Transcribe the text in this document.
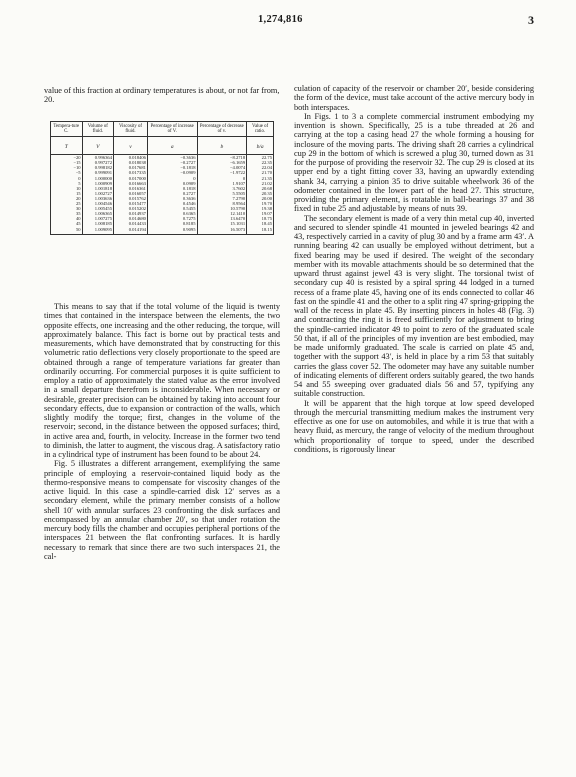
1,274,816	3
value of this fraction at ordinary temperatures is about, or not far from, 20.
Tempera-ture C.	Volume of fluid.	Viscosity of fluid.	Percentage of increase of V.	Percentage of decrease of v.	Value of ratio.
T	V	v	a	b	b/a
−20	0.996364	0.018406	−0.3636	−8.2718	22.75
−15	0.997272	0.018038	−0.2727	−6.1659	22.35
−10	0.998182	0.017681	−0.1818	−4.0074	22.04
−5	0.999091	0.017335	−0.0909	−1.9722	21.70
0	1.000000	0.017000	0	0	21.35
5	1.000909	0.016663	0.0909	1.9107	21.02
10	1.001818	0.016361	0.1818	3.7602	20.68
15	1.002727	0.016057	0.2727	5.5505	20.35
20	1.003636	0.015762	0.3636	7.2790	20.00
25	1.004546	0.015477	0.4546	8.9564	19.70
30	1.005455	0.015202	0.5455	10.5790	19.38
35	1.006365	0.014937	0.6365	12.1410	19.07
40	1.007275	0.014680	0.7275	13.6470	18.75
45	1.008185	0.014433	0.8185	15.1031	18.45
50	1.009095	0.014194	0.9095	16.5073	18.15

This means to say that if the total volume of the liquid is twenty times that contained in the interspace between the elements, the two opposite effects, one increasing and the other reducing, the torque, will approximately balance. This fact is borne out by practical tests and measurements, which have demonstrated that by constructing for this volumetric ratio deflections very closely proportionate to the speed are obtained through a range of temperature variations far greater than ordinarily occurring. For commercial purposes it is quite sufficient to employ a ratio of approximately the stated value as the error involved in a small departure therefrom is inconsiderable. When necessary or desirable, greater precision can be obtained by taking into account four secondary effects, due to expansion or contraction of the walls, which slightly modify the torque; first, changes in the volume of the reservoir; second, in the distance between the opposed surfaces; third, in active area and, fourth, in velocity. Increase in the former two tend to diminish, the latter to augment, the viscous drag. A satisfactory ratio in a cylindrical type of instrument has been found to be about 24.

Fig. 5 illustrates a different arrangement, exemplifying the same principle of employing a reservoir-contained liquid body as the thermo-responsive means to compensate for viscosity changes of the active liquid. In this case a spindle-carried disk 12′ serves as a secondary element, while the primary member consists of a hollow shell 10′ with annular surfaces 23 confronting the disk surfaces and encompassed by an annular chamber 20′, so that under rotation the mercury body fills the chamber and occupies peripheral portions of the interspaces 21 between the flat confronting surfaces. It is hardly necessary to remark that since there are two such interspaces 21, the cal-

culation of capacity of the reservoir or chamber 20′, beside considering the form of the device, must take account of the active mercury body in both interspaces.

In Figs. 1 to 3 a complete commercial instrument embodying my invention is shown. Specifically, 25 is a tube threaded at 26 and carrying at the top a casing head 27 the whole forming a housing for inclosure of the moving parts. The driving shaft 28 carries a cylindrical cup 29 in the bottom of which is screwed a plug 30, turned down as 31 for the purpose of providing the reservoir 32. The cup 29 is closed at its upper end by a tight fitting cover 33, having an upwardly extending shank 34, carrying a pinion 35 to drive suitable wheelwork 36 of the odometer contained in the lower part of the head 27. This structure, providing the primary element, is rotatable in ball-bearings 37 and 38 fixed in tube 25 and adjustable by means of nuts 39.

The secondary element is made of a very thin metal cup 40, inverted and secured to slender spindle 41 mounted in jeweled bearings 42 and 43, respectively carried in a cavity of plug 30 and by a frame arm 43′. A running bearing 42 can usually be employed without detriment, but a fixed bearing may be used if desired. The weight of the secondary member with its movable attachments should be so determined that the upward thrust against jewel 43 is very slight. The torsional twist of secondary cup 40 is resisted by a spiral spring 44 lodged in a turned recess of a frame plate 45, having one of its ends connected to collar 46 fast on the spindle 41 and the other to a split ring 47 spring-gripping the wall of the recess in plate 45. By inserting pincers in holes 48 (Fig. 3) and contracting the ring it is freed sufficiently for adjustment to bring the spindle-carried indicator 49 to point to zero of the graduated scale 50 that, if all of the principles of my invention are best embodied, may be made uniformly graduated. The scale is carried on plate 45 and, together with the support 43′, is held in place by a rim 53 that suitably carries the glass cover 52. The odometer may have any suitable number of indicating elements of different orders suitably geared, the two hands 54 and 55 sweeping over graduated dials 56 and 57, typifying any suitable construction.

It will be apparent that the high torque at low speed developed through the mercurial transmitting medium makes the instrument very effective as one for use on automobiles, and while it is true that with a heavy fluid, as mercury, the range of velocity of the medium throughout which proportionality of torque to speed, under the described conditions, is rigorously linear
